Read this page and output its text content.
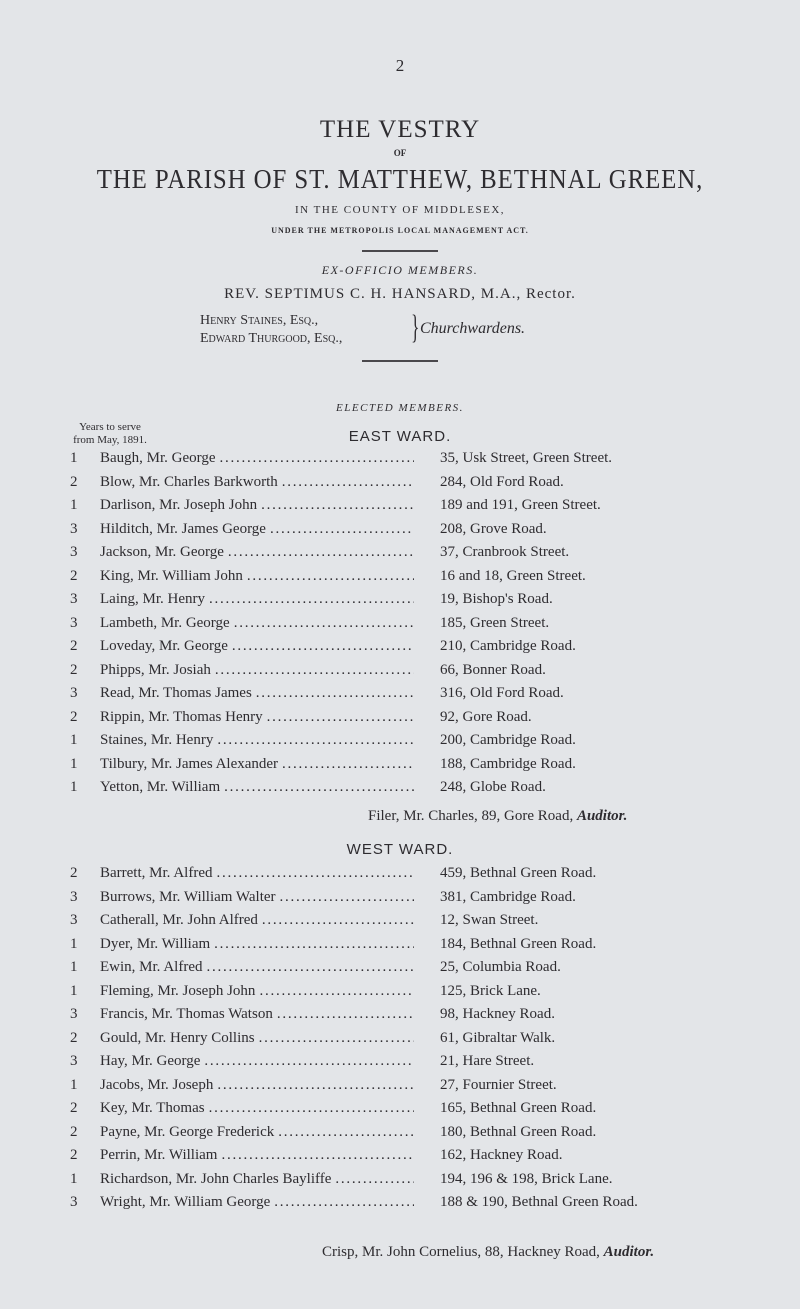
2
THE VESTRY
OF
THE PARISH OF ST. MATTHEW, BETHNAL GREEN,
IN THE COUNTY OF MIDDLESEX,
UNDER THE METROPOLIS LOCAL MANAGEMENT ACT.
EX-OFFICIO MEMBERS.
REV. SEPTIMUS C. H. HANSARD, M.A., Rector.
Henry Staines, Esq.,
Edward Thurgood, Esq., } Churchwardens.
ELECTED MEMBERS.
Years to serve
from May, 1891.	EAST WARD.
1	Baugh, Mr. George . . .	35, Usk Street, Green Street.
2	Blow, Mr. Charles Barkworth . . .	284, Old Ford Road.
1	Darlison, Mr. Joseph John . . .	189 and 191, Green Street.
3	Hilditch, Mr. James George . . .	208, Grove Road.
3	Jackson, Mr. George . . .	37, Cranbrook Street.
2	King, Mr. William John . . .	16 and 18, Green Street.
3	Laing, Mr. Henry . . .	19, Bishop's Road.
3	Lambeth, Mr. George . . .	185, Green Street.
2	Loveday, Mr. George . . .	210, Cambridge Road.
2	Phipps, Mr. Josiah . . .	66, Bonner Road.
3	Read, Mr. Thomas James . . .	316, Old Ford Road.
2	Rippin, Mr. Thomas Henry . . .	92, Gore Road.
1	Staines, Mr. Henry . . .	200, Cambridge Road.
1	Tilbury, Mr. James Alexander . . .	188, Cambridge Road.
1	Yetton, Mr. William . . .	248, Globe Road.
Filer, Mr. Charles, 89, Gore Road, Auditor.
WEST WARD.
2	Barrett, Mr. Alfred . . .	459, Bethnal Green Road.
3	Burrows, Mr. William Walter . . .	381, Cambridge Road.
3	Catherall, Mr. John Alfred . . .	12, Swan Street.
1	Dyer, Mr. William . . .	184, Bethnal Green Road.
1	Ewin, Mr. Alfred . . .	25, Columbia Road.
1	Fleming, Mr. Joseph John . . .	125, Brick Lane.
3	Francis, Mr. Thomas Watson . . .	98, Hackney Road.
2	Gould, Mr. Henry Collins . . .	61, Gibraltar Walk.
3	Hay, Mr. George . . .	21, Hare Street.
1	Jacobs, Mr. Joseph . . .	27, Fournier Street.
2	Key, Mr. Thomas . . .	165, Bethnal Green Road.
2	Payne, Mr. George Frederick . . .	180, Bethnal Green Road.
2	Perrin, Mr. William . . .	162, Hackney Road.
1	Richardson, Mr. John Charles Bayliffe . . .	194, 196 & 198, Brick Lane.
3	Wright, Mr. William George . . .	188 & 190, Bethnal Green Road.
Crisp, Mr. John Cornelius, 88, Hackney Road, Auditor.
